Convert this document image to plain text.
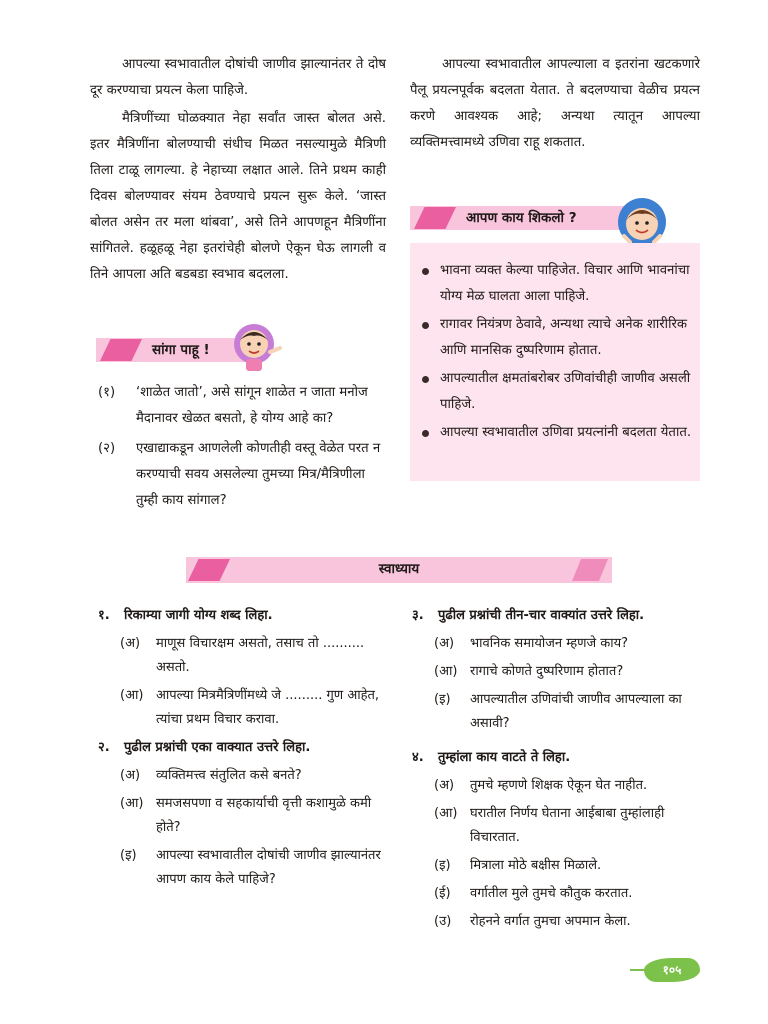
आपल्या स्वभावातील दोषांची जाणीव झाल्यानंतर ते दोष दूर करण्याचा प्रयत्न केला पाहिजे.

मैत्रिणींच्या घोळक्यात नेहा सर्वांत जास्त बोलत असे. इतर मैत्रिणींना बोलण्याची संधीच मिळत नसल्यामुळे मैत्रिणी तिला टाळू लागल्या. हे नेहाच्या लक्षात आले. तिने प्रथम काही दिवस बोलण्यावर संयम ठेवण्याचे प्रयत्न सुरू केले. ‘जास्त बोलत असेन तर मला थांबवा’, असे तिने आपणहून मैत्रिणींना सांगितले. हळूहळू नेहा इतरांचेही बोलणे ऐकून घेऊ लागली व तिने आपला अति बडबडा स्वभाव बदलला.

सांगा पाहू !
(१) ‘शाळेत जातो’, असे सांगून शाळेत न जाता मनोज मैदानावर खेळत बसतो, हे योग्य आहे का?
(२) एखाद्याकडून आणलेली कोणतीही वस्तू वेळेत परत न करण्याची सवय असलेल्या तुमच्या मित्र/मैत्रिणीला तुम्ही काय सांगाल?

आपल्या स्वभावातील आपल्याला व इतरांना खटकणारे पैलू प्रयत्नपूर्वक बदलता येतात. ते बदलण्याचा वेळीच प्रयत्न करणे आवश्यक आहे; अन्यथा त्यातून आपल्या व्यक्तिमत्त्वामध्ये उणिवा राहू शकतात.

आपण काय शिकलो ?
भावना व्यक्त केल्या पाहिजेत. विचार आणि भावनांचा योग्य मेळ घालता आला पाहिजे.
रागावर नियंत्रण ठेवावे, अन्यथा त्याचे अनेक शारीरिक आणि मानसिक दुष्परिणाम होतात.
आपल्यातील क्षमतांबरोबर उणिवांचीही जाणीव असली पाहिजे.
आपल्या स्वभावातील उणिवा प्रयत्नांनी बदलता येतात.
स्वाध्याय
१. रिकाम्या जागी योग्य शब्द लिहा.
(अ) माणूस विचारक्षम असतो, तसाच तो .......... असतो.
(आ) आपल्या मित्रमैत्रिणींमध्ये जे ......... गुण आहेत, त्यांचा प्रथम विचार करावा.
२. पुढील प्रश्नांची एका वाक्यात उत्तरे लिहा.
(अ) व्यक्तिमत्त्व संतुलित कसे बनते?
(आ) समजसपणा व सहकार्याची वृत्ती कशामुळे कमी होते?
(इ) आपल्या स्वभावातील दोषांची जाणीव झाल्यानंतर आपण काय केले पाहिजे?
३. पुढील प्रश्नांची तीन-चार वाक्यांत उत्तरे लिहा.
(अ) भावनिक समायोजन म्हणजे काय?
(आ) रागाचे कोणते दुष्परिणाम होतात?
(इ) आपल्यातील उणिवांची जाणीव आपल्याला का असावी?
४. तुम्हांला काय वाटते ते लिहा.
(अ) तुमचे म्हणणे शिक्षक ऐकून घेत नाहीत.
(आ) घरातील निर्णय घेताना आईबाबा तुम्हांलाही विचारतात.
(इ) मित्राला मोठे बक्षीस मिळाले.
(ई) वर्गातील मुले तुमचे कौतुक करतात.
(उ) रोहनने वर्गात तुमचा अपमान केला.
१०५
